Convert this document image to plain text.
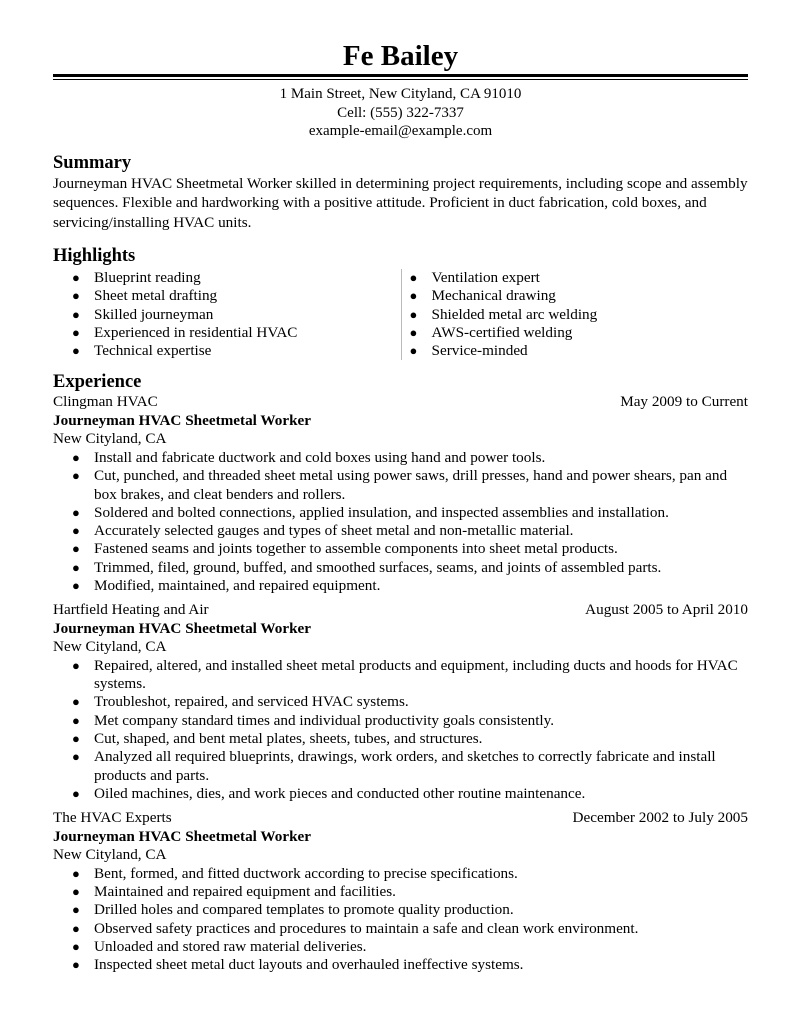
Fe Bailey
1 Main Street, New Cityland, CA 91010
Cell: (555) 322-7337
example-email@example.com
Summary

Journeyman HVAC Sheetmetal Worker skilled in determining project requirements, including scope and assembly sequences. Flexible and hardworking with a positive attitude. Proficient in duct fabrication, cold boxes, and servicing/installing HVAC units.

Highlights
● Blueprint reading
● Sheet metal drafting
● Skilled journeyman
● Experienced in residential HVAC
● Technical expertise
● Ventilation expert
● Mechanical drawing
● Shielded metal arc welding
● AWS-certified welding
● Service-minded
Experience
Clingman HVAC	May 2009 to Current
Journeyman HVAC Sheetmetal Worker
New Cityland, CA
● Install and fabricate ductwork and cold boxes using hand and power tools.
● Cut, punched, and threaded sheet metal using power saws, drill presses, hand and power shears, pan and box brakes, and cleat benders and rollers.
● Soldered and bolted connections, applied insulation, and inspected assemblies and installation.
● Accurately selected gauges and types of sheet metal and non-metallic material.
● Fastened seams and joints together to assemble components into sheet metal products.
● Trimmed, filed, ground, buffed, and smoothed surfaces, seams, and joints of assembled parts.
● Modified, maintained, and repaired equipment.
Hartfield Heating and Air	August 2005 to April 2010
Journeyman HVAC Sheetmetal Worker
New Cityland, CA
● Repaired, altered, and installed sheet metal products and equipment, including ducts and hoods for HVAC systems.
● Troubleshot, repaired, and serviced HVAC systems.
● Met company standard times and individual productivity goals consistently.
● Cut, shaped, and bent metal plates, sheets, tubes, and structures.
● Analyzed all required blueprints, drawings, work orders, and sketches to correctly fabricate and install products and parts.
● Oiled machines, dies, and work pieces and conducted other routine maintenance.
The HVAC Experts	December 2002 to July 2005
Journeyman HVAC Sheetmetal Worker
New Cityland, CA
● Bent, formed, and fitted ductwork according to precise specifications.
● Maintained and repaired equipment and facilities.
● Drilled holes and compared templates to promote quality production.
● Observed safety practices and procedures to maintain a safe and clean work environment.
● Unloaded and stored raw material deliveries.
● Inspected sheet metal duct layouts and overhauled ineffective systems.
